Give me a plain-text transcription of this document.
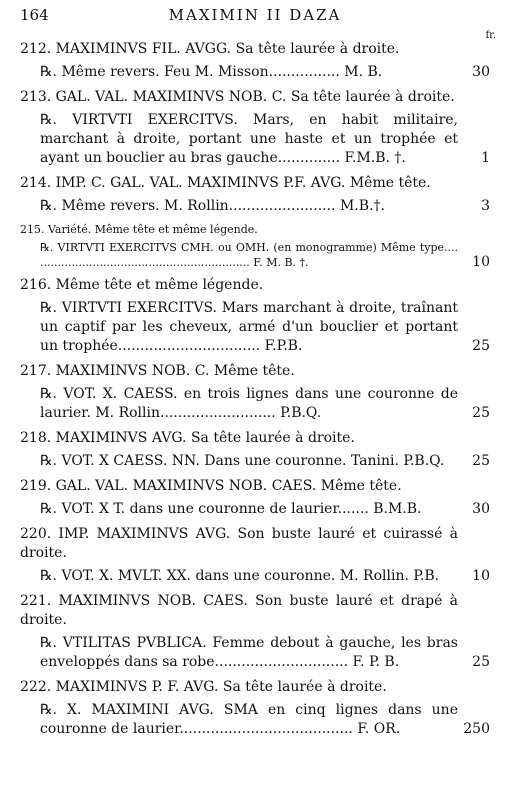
164	MAXIMIN II DAZA
fr.
212. MAXIMINVS FIL. AVGG. Sa tête laurée à droite.
℞. Même revers. Feu M. Misson................ M. B.	30
213. GAL. VAL. MAXIMINVS NOB. C. Sa tête laurée à droite.
℞. VIRTVTI EXERCITVS. Mars, en habit militaire, marchant à droite, portant une haste et un trophée et ayant un bouclier au bras gauche.............. F.M.B. †.	1
214. IMP. C. GAL. VAL. MAXIMINVS P.F. AVG. Même tête.
℞. Même revers. M. Rollin........................ M.B.†.	3
215. Variété. Même tête et même légende.
℞. VIRTVTI EXERCITVS CMH. ou OMH. (en monogramme) Même type.... ............................................................ F. M. B. †.	10
216. Même tête et même légende.
℞. VIRTVTI EXERCITVS. Mars marchant à droite, traînant un captif par les cheveux, armé d'un bouclier et portant un trophée................................ F.P.B.	25
217. MAXIMINVS NOB. C. Même tête.
℞. VOT. X. CAESS. en trois lignes dans une couronne de laurier. M. Rollin.......................... P.B.Q.	25
218. MAXIMINVS AVG. Sa tête laurée à droite.
℞. VOT. X CAESS. NN. Dans une couronne. Tanini. P.B.Q.	25
219. GAL. VAL. MAXIMINVS NOB. CAES. Même tête.
℞. VOT. X T. dans une couronne de laurier....... B.M.B.	30
220. IMP. MAXIMINVS AVG. Son buste lauré et cuirassé à droite.
℞. VOT. X. MVLT. XX. dans une couronne. M. Rollin. P.B.	10
221. MAXIMINVS NOB. CAES. Son buste lauré et drapé à droite.
℞. VTILITAS PVBLICA. Femme debout à gauche, les bras enveloppés dans sa robe.............................. F. P. B.	25
222. MAXIMINVS P. F. AVG. Sa tête laurée à droite.
℞. X. MAXIMINI AVG. SMA en cinq lignes dans une couronne de laurier....................................... F. OR.	250
